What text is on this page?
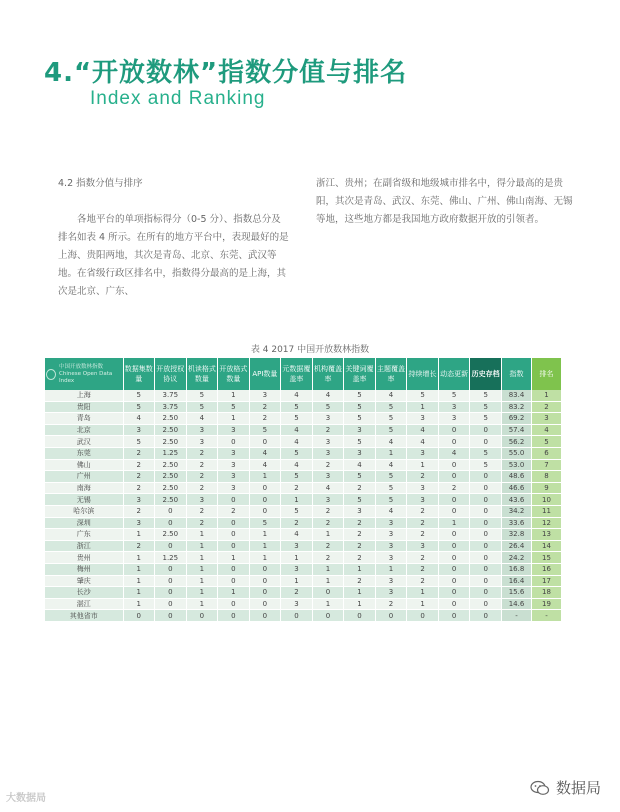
4.“开放数林”指数分值与排名
Index and Ranking
4.2 指数分值与排序
各地平台的单项指标得分（0-5 分）、指数总分及排名如表 4 所示。在所有的地方平台中，表现最好的是上海、贵阳两地，其次是青岛、北京、东莞、武汉等地。在省级行政区排名中，指数得分最高的是上海，其次是北京、广东、
浙江、贵州；在副省级和地级城市排名中，得分最高的是贵阳，其次是青岛、武汉、东莞、佛山、广州、佛山南海、无锡等地，这些地方都是我国地方政府数据开放的引领者。
表 4 2017 中国开放数林指数
中国开放数林指数
Chinese Open Data Index	数据集数量	开放授权协议	机读格式数量	开放格式数量	API数量	元数据覆盖率	机构覆盖率	关键词覆盖率	主题覆盖率	持续增长	动态更新	历史存档	指数	排名
上海	5	3.75	5	1	3	4	4	5	4	5	5	5	83.4	1
贵阳	5	3.75	5	5	2	5	5	5	5	1	3	5	83.2	2
青岛	4	2.50	4	1	2	5	3	5	5	3	3	5	69.2	3
北京	3	2.50	3	3	5	4	2	3	5	4	0	0	57.4	4
武汉	5	2.50	3	0	0	4	3	5	4	4	0	0	56.2	5
东莞	2	1.25	2	3	4	5	3	3	1	3	4	5	55.0	6
佛山	2	2.50	2	3	4	4	2	4	4	1	0	5	53.0	7
广州	2	2.50	2	3	1	5	3	5	5	2	0	0	48.6	8
南海	2	2.50	2	3	0	2	4	2	5	3	2	0	46.6	9
无锡	3	2.50	3	0	0	1	3	5	5	3	0	0	43.6	10
哈尔滨	2	0	2	2	0	5	2	3	4	2	0	0	34.2	11
深圳	3	0	2	0	5	2	2	2	3	2	1	0	33.6	12
广东	1	2.50	1	0	1	4	1	2	3	2	0	0	32.8	13
浙江	2	0	1	0	1	3	2	2	3	3	0	0	26.4	14
贵州	1	1.25	1	1	1	1	2	2	3	2	0	0	24.2	15
梅州	1	0	1	0	0	3	1	1	1	2	0	0	16.8	16
肇庆	1	0	1	0	0	1	1	2	3	2	0	0	16.4	17
长沙	1	0	1	1	0	2	0	1	3	1	0	0	15.6	18
湛江	1	0	1	0	0	3	1	1	2	1	0	0	14.6	19
其他省市	0	0	0	0	0	0	0	0	0	0	0	0	-	-
大数据局
数据局
